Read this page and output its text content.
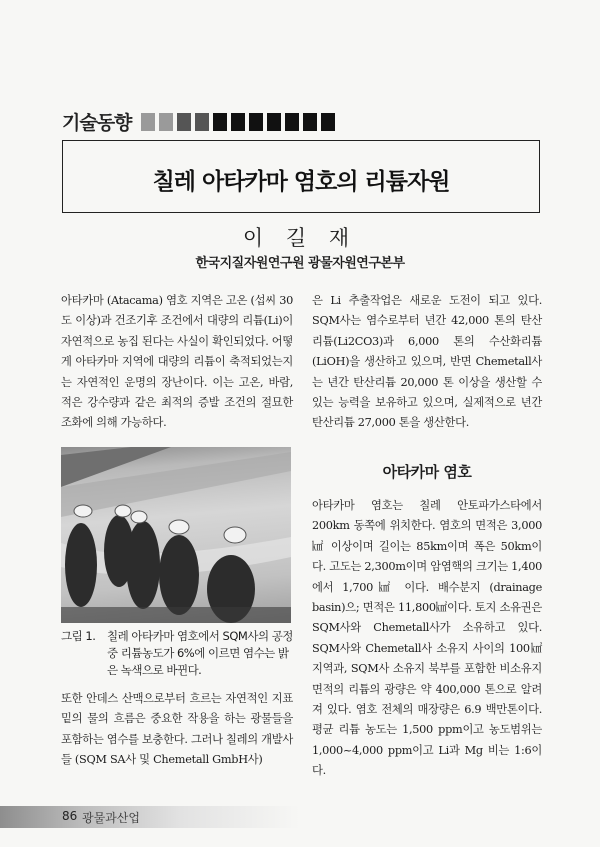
기술동향
칠레 아타카마 염호의 리튬자원
이 길 재
한국지질자원연구원 광물자원연구본부

아타카마 (Atacama) 염호 지역은 고온 (섭씨 30도 이상)과 건조기후 조건에서 대량의 리튬(Li)이 자연적으로 농집 된다는 사실이 확인되었다. 어떻게 아타카마 지역에 대량의 리튬이 축적되었는지는 자연적인 운명의 장난이다. 이는 고온, 바람, 적은 강수량과 같은 최적의 증발 조건의 절묘한 조화에 의해 가능하다.

그림 1.	칠레 아타카마 염호에서 SQM사의 공정 중 리튬농도가 6%에 이르면 염수는 밝은 녹색으로 바뀐다.

또한 안데스 산맥으로부터 흐르는 자연적인 지표 밑의 물의 흐름은 중요한 작용을 하는 광물들을 포함하는 염수를 보충한다. 그러나 칠레의 개발사들 (SQM SA사 및 Chemetall GmbH사)

은 Li 추출작업은 새로운 도전이 되고 있다. SQM사는 염수로부터 년간 42,000 톤의 탄산리튬(Li2CO3)과 6,000 톤의 수산화리튬(LiOH)을 생산하고 있으며, 반면 Chemetall사는 년간 탄산리튬 20,000 톤 이상을 생산할 수 있는 능력을 보유하고 있으며, 실제적으로 년간 탄산리튬 27,000 톤을 생산한다.

아타카마 염호

아타카마 염호는 칠레 안토파가스타에서 200km 동쪽에 위치한다. 염호의 면적은 3,000㎢ 이상이며 길이는 85km이며 폭은 50km이다. 고도는 2,300m이며 암염핵의 크기는 1,400에서 1,700㎢ 이다. 배수분지 (drainage basin)으; 면적은 11,800㎢이다. 토지 소유권은 SQM사와 Chemetall사가 소유하고 있다. SQM사와 Chemetall사 소유지 사이의 100㎢ 지역과, SQM사 소유지 북부를 포함한 비소유지 면적의 리튬의 광량은 약 400,000 톤으로 알려져 있다. 염호 전체의 매장량은 6.9 백만톤이다. 평균 리튬 농도는 1,500 ppm이고 농도범위는 1,000~4,000 ppm이고 Li과 Mg 비는 1:6이다.

86 광물과산업
